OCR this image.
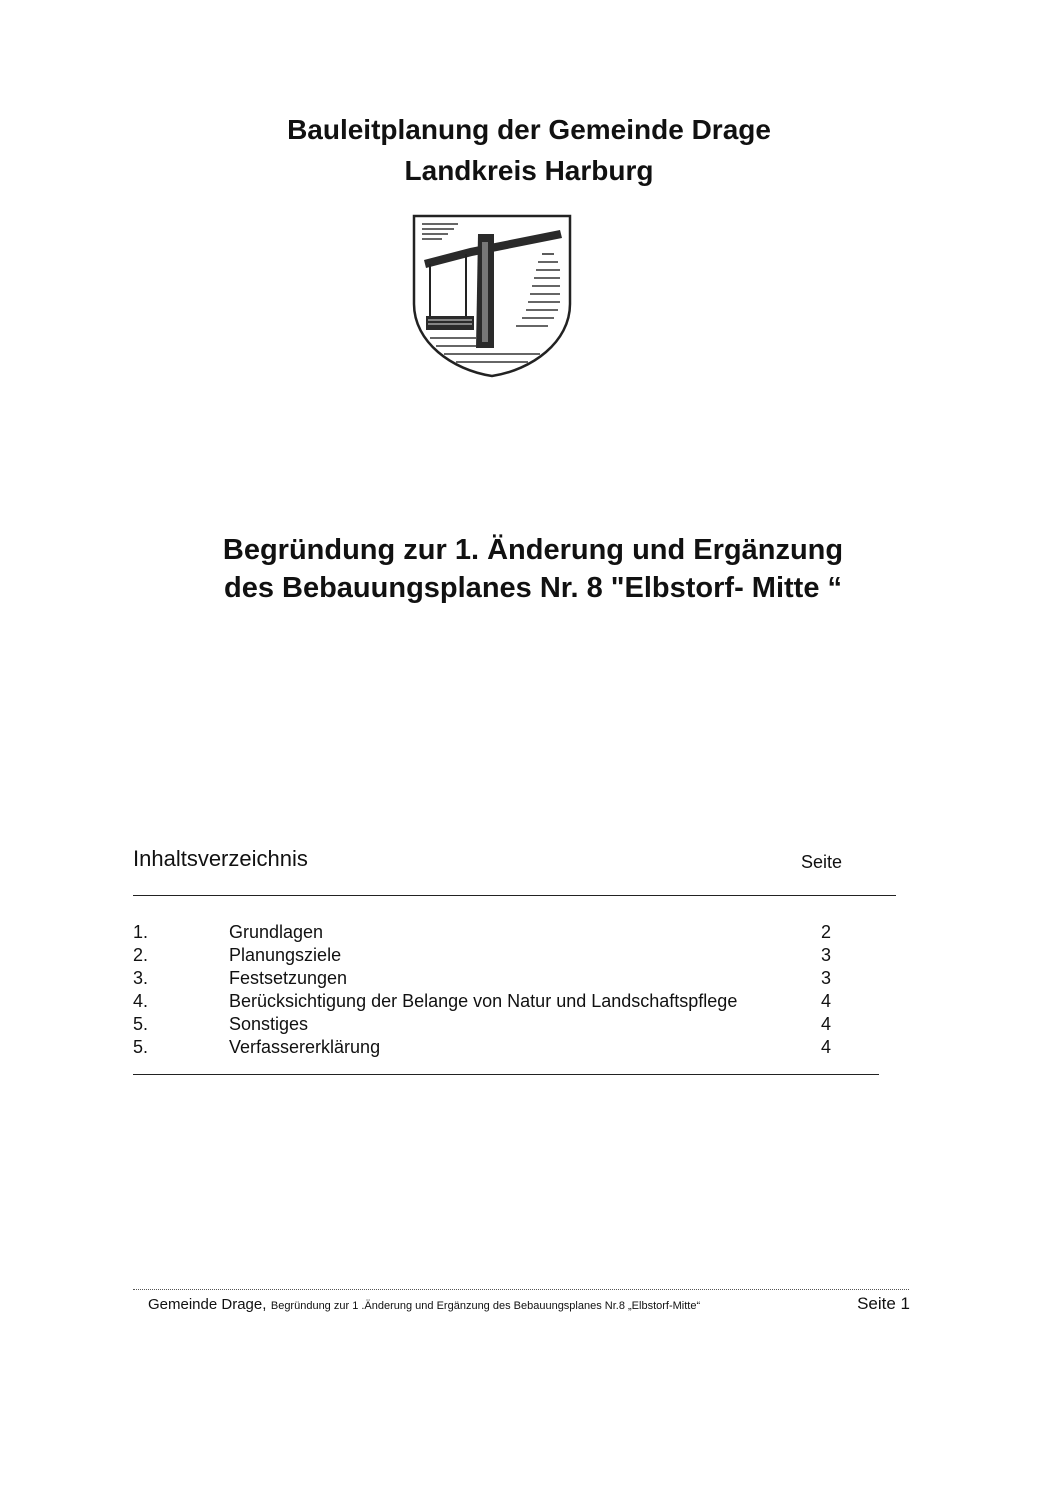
Bauleitplanung der Gemeinde Drage
Landkreis Harburg
Begründung zur 1. Änderung und Ergänzung
des Bebauungsplanes Nr. 8 "Elbstorf- Mitte “
Inhaltsverzeichnis	Seite
1.	Grundlagen	2
2.	Planungsziele	3
3.	Festsetzungen	3
4.	Berücksichtigung der Belange von Natur und Landschaftspflege	4
5.	Sonstiges	4
5.	Verfassererklärung	4
Gemeinde Drage, Begründung zur 1 .Änderung und Ergänzung des Bebauungsplanes Nr.8 „Elbstorf-Mitte“	Seite 1
